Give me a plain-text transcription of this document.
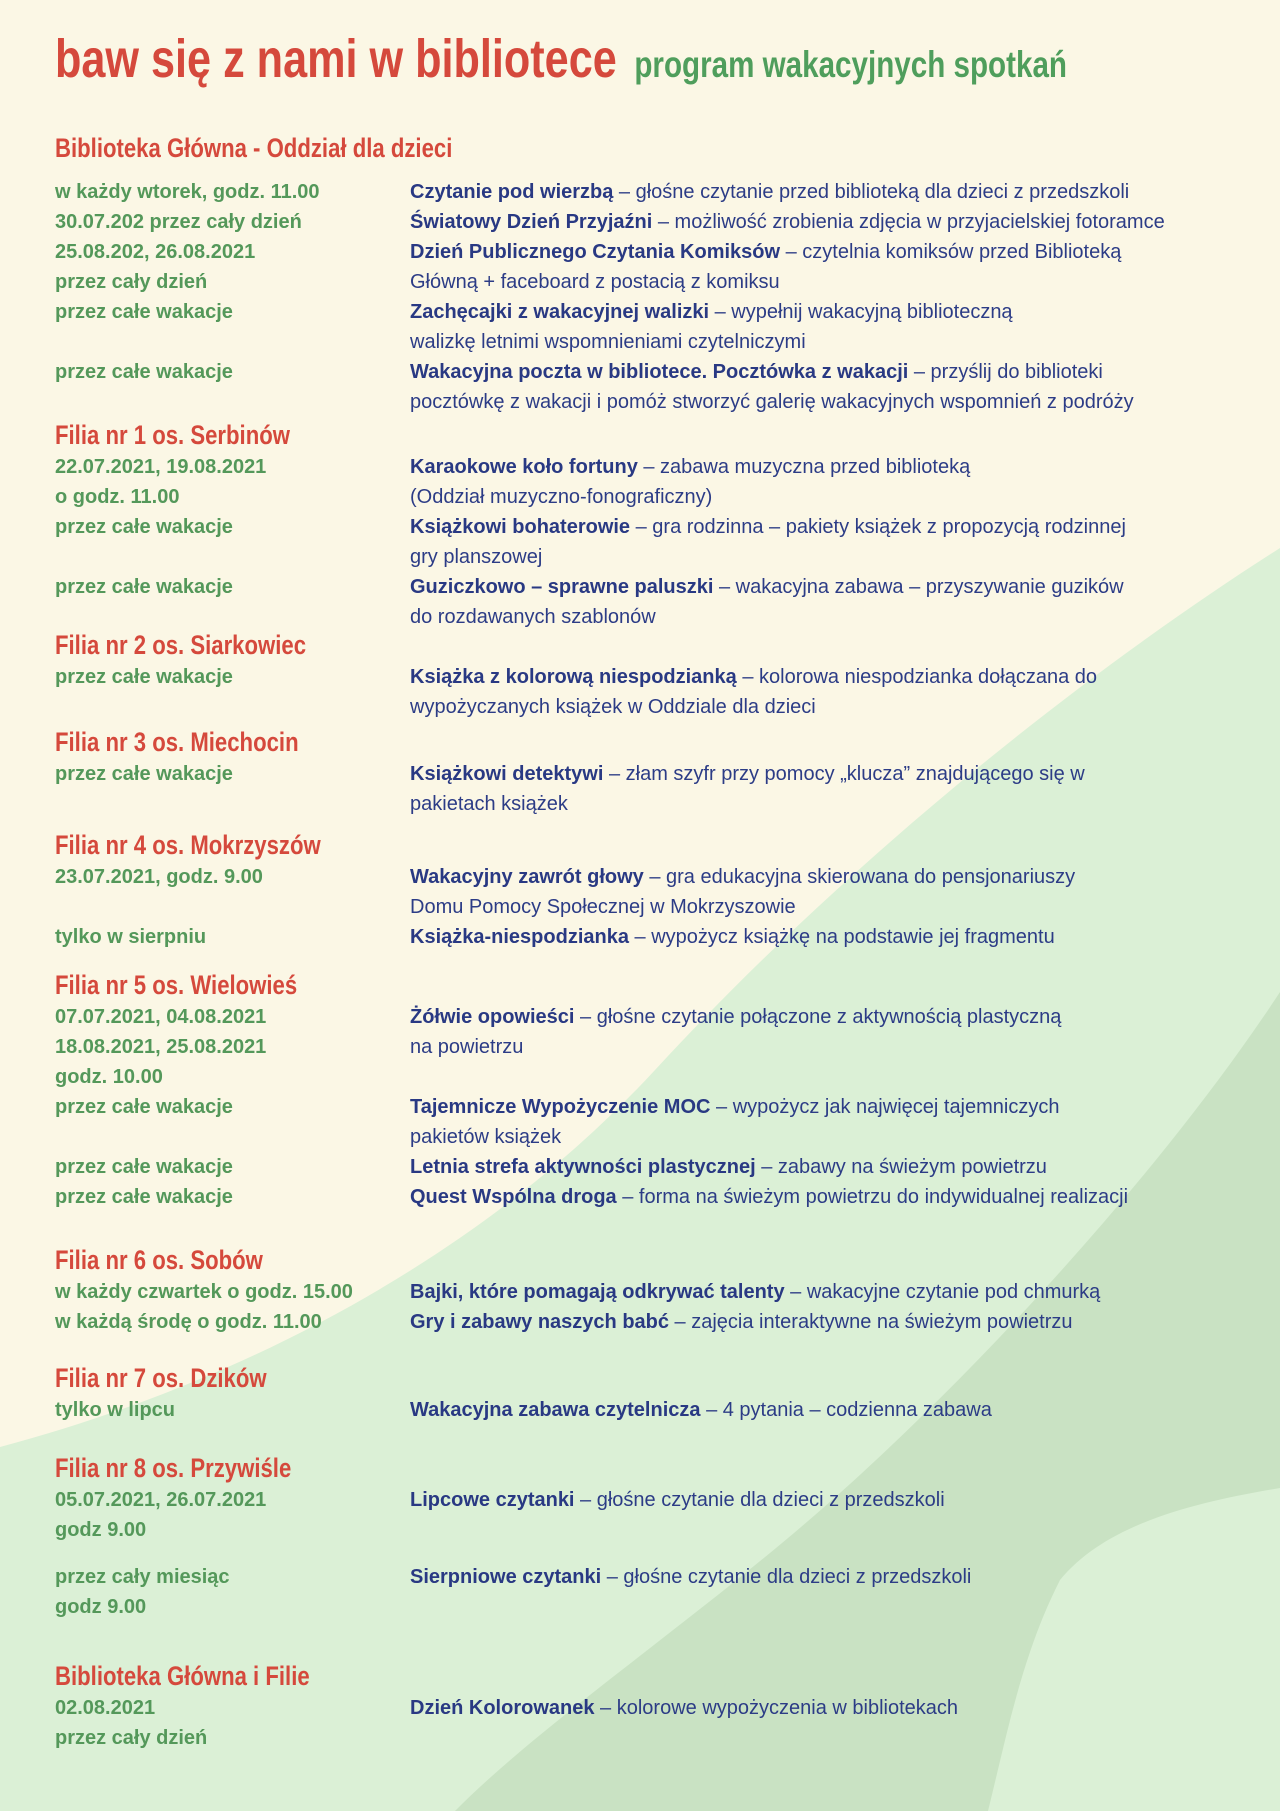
baw się z nami w bibliotece program wakacyjnych spotkań
Biblioteka Główna - Oddział dla dzieci
w każdy wtorek, godz. 11.00	Czytanie pod wierzbą – głośne czytanie przed biblioteką dla dzieci z przedszkoli
30.07.202 przez cały dzień	Światowy Dzień Przyjaźni – możliwość zrobienia zdjęcia w przyjacielskiej fotoramce
25.08.202, 26.08.2021	Dzień Publicznego Czytania Komiksów – czytelnia komiksów przed Biblioteką
przez cały dzień	Główną + faceboard z postacią z komiksu
przez całe wakacje	Zachęcajki z wakacyjnej walizki – wypełnij wakacyjną biblioteczną
walizkę letnimi wspomnieniami czytelniczymi
przez całe wakacje	Wakacyjna poczta w bibliotece. Pocztówka z wakacji – przyślij do biblioteki
pocztówkę z wakacji i pomóż stworzyć galerię wakacyjnych wspomnień z podróży
Filia nr 1 os. Serbinów
22.07.2021, 19.08.2021	Karaokowe koło fortuny – zabawa muzyczna przed biblioteką
o godz. 11.00	(Oddział muzyczno-fonograficzny)
przez całe wakacje	Książkowi bohaterowie – gra rodzinna – pakiety książek z propozycją rodzinnej
gry planszowej
przez całe wakacje	Guziczkowo – sprawne paluszki – wakacyjna zabawa – przyszywanie guzików
do rozdawanych szablonów
Filia nr 2 os. Siarkowiec
przez całe wakacje	Książka z kolorową niespodzianką – kolorowa niespodzianka dołączana do
wypożyczanych książek w Oddziale dla dzieci
Filia nr 3 os. Miechocin
przez całe wakacje	Książkowi detektywi – złam szyfr przy pomocy „klucza” znajdującego się w
pakietach książek
Filia nr 4 os. Mokrzyszów
23.07.2021, godz. 9.00	Wakacyjny zawrót głowy – gra edukacyjna skierowana do pensjonariuszy
Domu Pomocy Społecznej w Mokrzyszowie
tylko w sierpniu	Książka-niespodzianka – wypożycz książkę na podstawie jej fragmentu
Filia nr 5 os. Wielowieś
07.07.2021, 04.08.2021	Żółwie opowieści – głośne czytanie połączone z aktywnością plastyczną
18.08.2021, 25.08.2021	na powietrzu
godz. 10.00
przez całe wakacje	Tajemnicze Wypożyczenie MOC – wypożycz jak najwięcej tajemniczych
pakietów książek
przez całe wakacje	Letnia strefa aktywności plastycznej – zabawy na świeżym powietrzu
przez całe wakacje	Quest Wspólna droga – forma na świeżym powietrzu do indywidualnej realizacji
Filia nr 6 os. Sobów
w każdy czwartek o godz. 15.00	Bajki, które pomagają odkrywać talenty – wakacyjne czytanie pod chmurką
w każdą środę o godz. 11.00	Gry i zabawy naszych babć – zajęcia interaktywne na świeżym powietrzu
Filia nr 7 os. Dzików
tylko w lipcu	Wakacyjna zabawa czytelnicza – 4 pytania – codzienna zabawa
Filia nr 8 os. Przywiśle
05.07.2021, 26.07.2021	Lipcowe czytanki – głośne czytanie dla dzieci z przedszkoli
godz 9.00
przez cały miesiąc	Sierpniowe czytanki – głośne czytanie dla dzieci z przedszkoli
godz 9.00
Biblioteka Główna i Filie
02.08.2021	Dzień Kolorowanek – kolorowe wypożyczenia w bibliotekach
przez cały dzień
